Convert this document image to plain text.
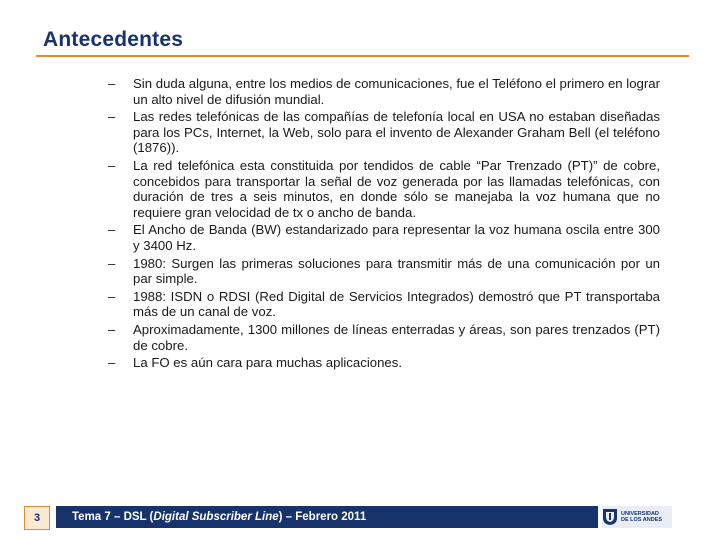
Antecedentes
– Sin duda alguna, entre los medios de comunicaciones, fue el Teléfono el primero en lograr un alto nivel de difusión mundial.
– Las redes telefónicas de las compañías de telefonía local en USA no estaban diseñadas para los PCs, Internet, la Web, solo para el invento de Alexander Graham Bell (el teléfono (1876)).
– La red telefónica esta constituida por tendidos de cable “Par Trenzado (PT)” de cobre, concebidos para transportar la señal de voz generada por las llamadas telefónicas, con duración de tres a seis minutos, en donde sólo se manejaba la voz humana que no requiere gran velocidad de tx o ancho de banda.
– El Ancho de Banda (BW) estandarizado para representar la voz humana oscila entre 300 y 3400 Hz.
– 1980: Surgen las primeras soluciones para transmitir más de una comunicación por un par simple.
– 1988: ISDN o RDSI (Red Digital de Servicios Integrados) demostró que PT transportaba más de un canal de voz.
– Aproximadamente, 1300 millones de líneas enterradas y áreas, son pares trenzados (PT) de cobre.
– La FO es aún cara para muchas aplicaciones.
3	Tema 7 – DSL (Digital Subscriber Line) – Febrero 2011	UNIVERSIDAD
DE LOS ANDES
